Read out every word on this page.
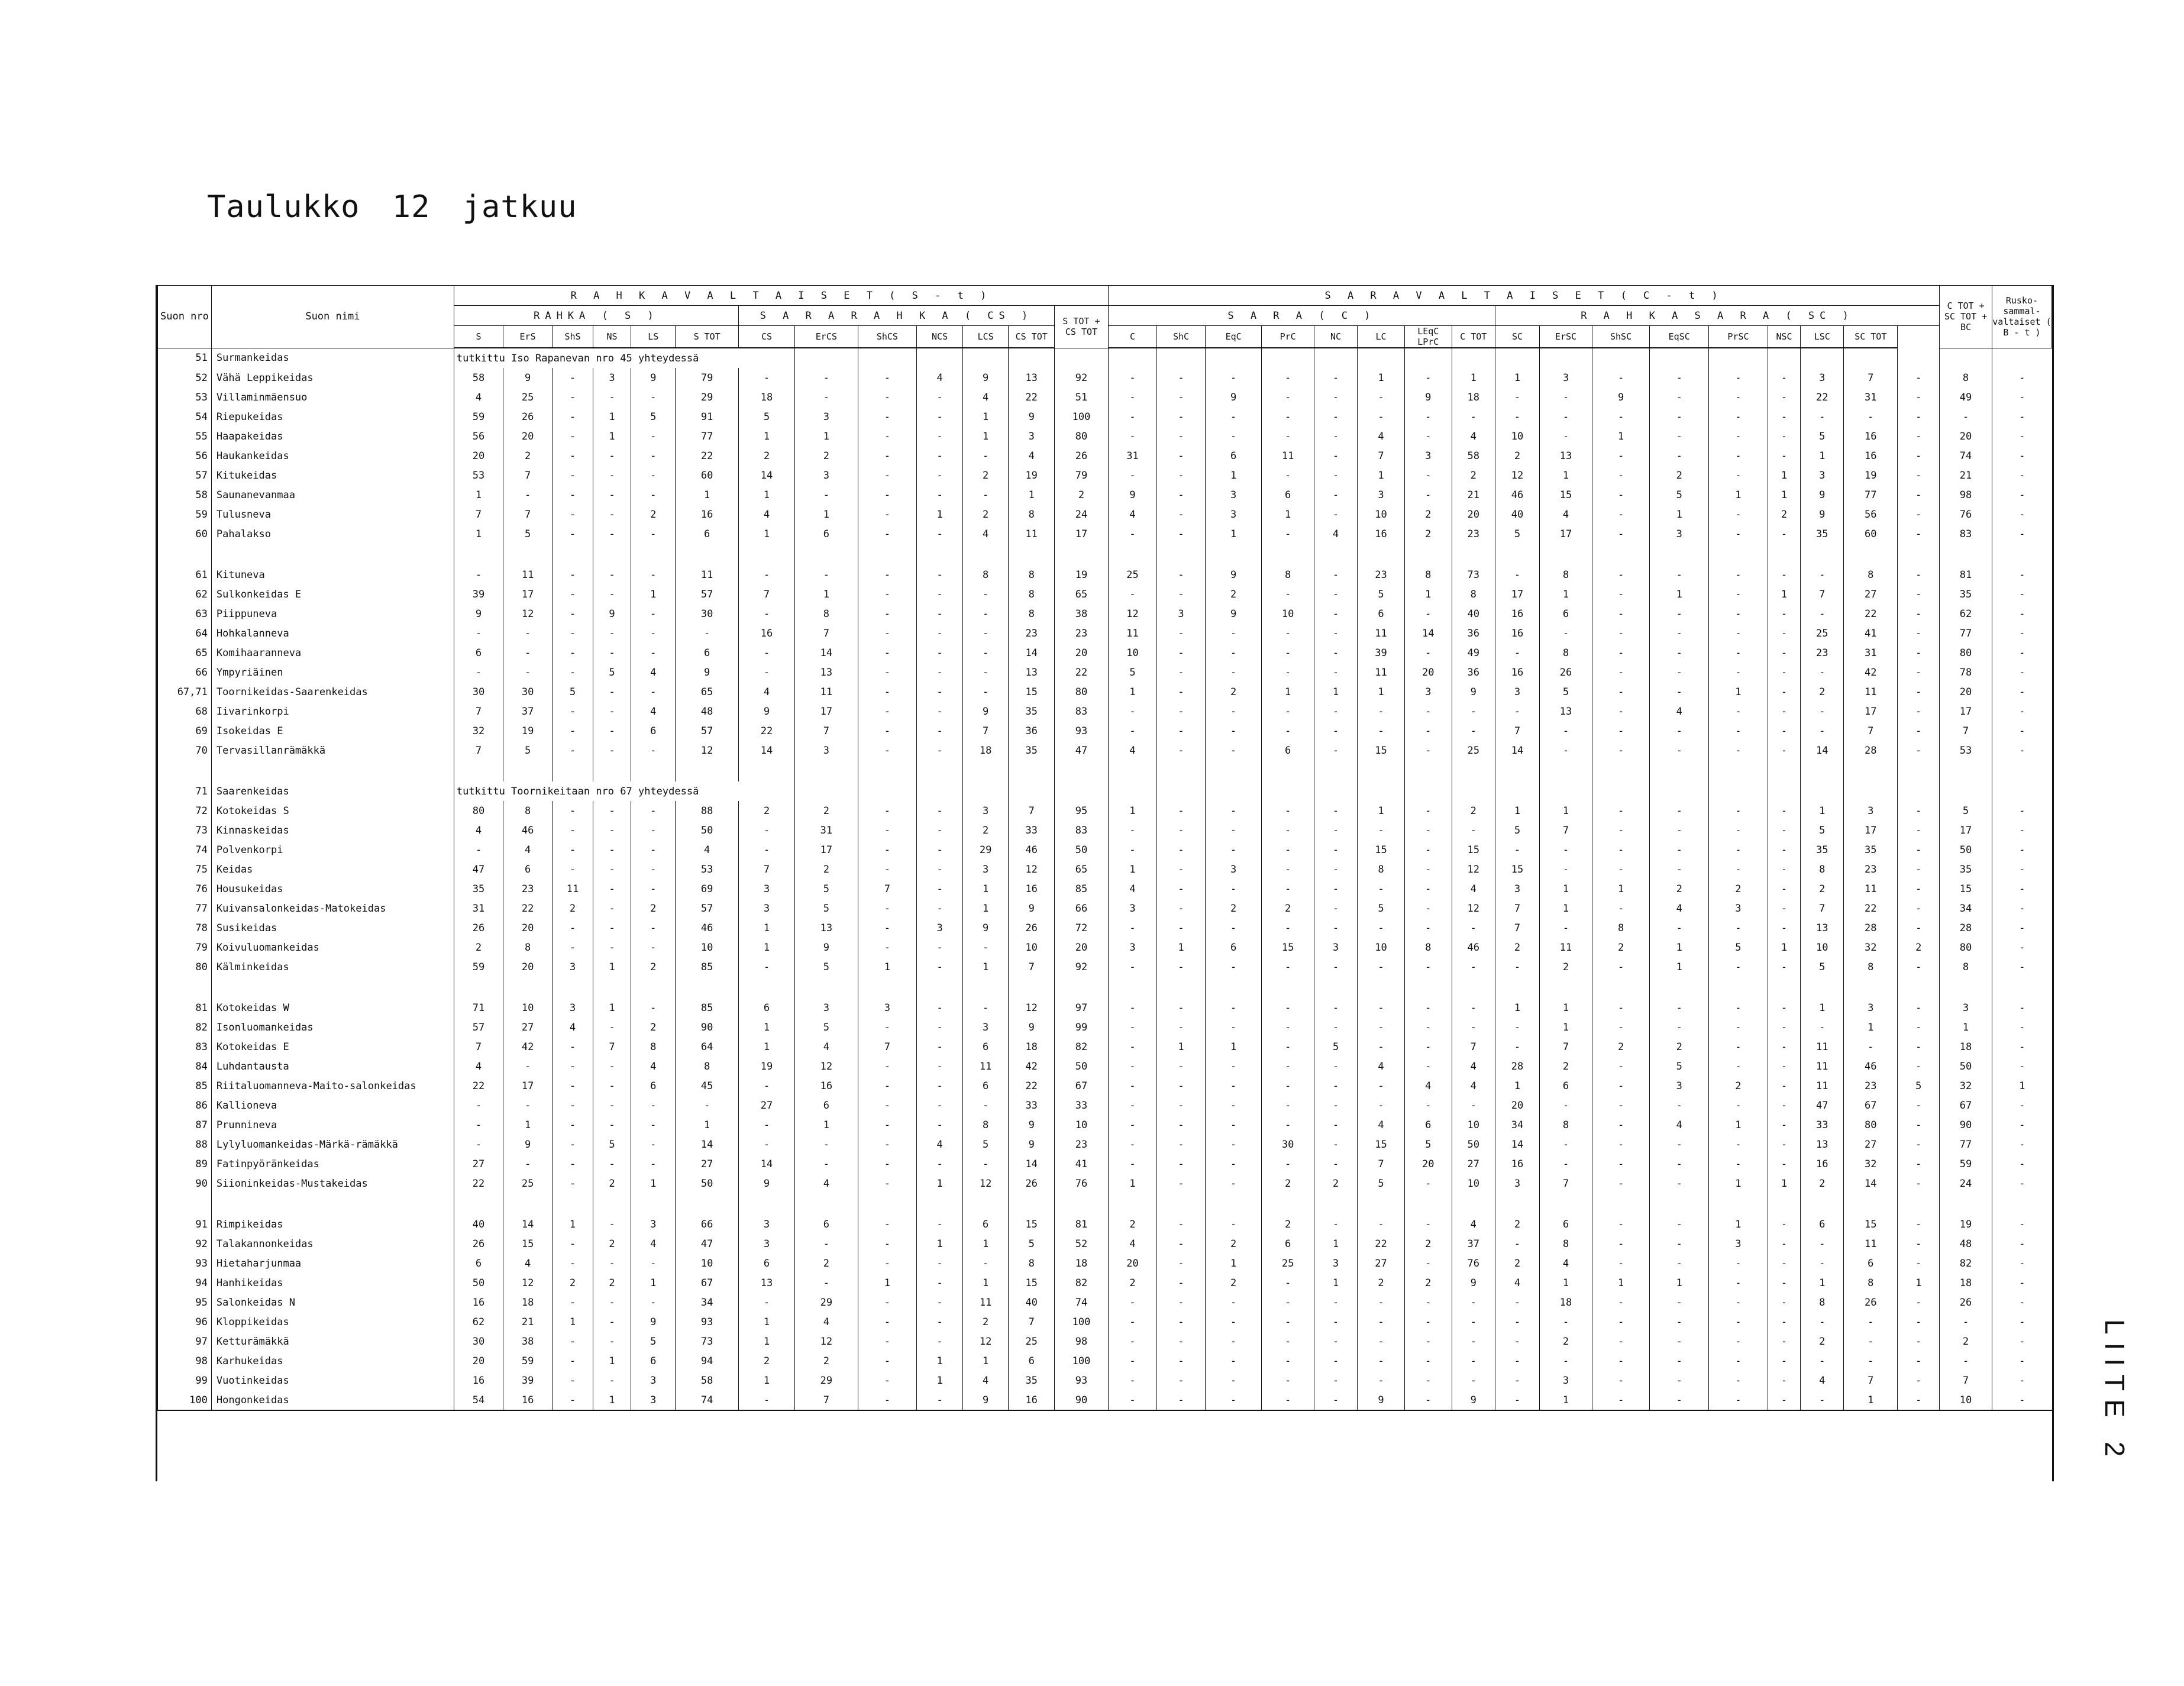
Taulukko 12 jatkuu
LIITE 2
Suon nro	Suon nimi	R A H K A V A L T A I S E T ( S - t )													S A R A V A L T A I S E T ( C - t )																	C TOT + SC TOT + BC	Rusko- sammal- valtaiset ( B - t )
		RAHKA ( S )						S A R A R A H K A ( CS )						S TOT + CS TOT	S A R A ( C )								R A H K A S A R A ( SC )										
		S	ErS	ShS	NS	LS	S TOT	CS	ErCS	ShCS	NCS	LCS	CS TOT		C	ShC	EqC	PrC	NC	LC	LEqC LPrC	C TOT	SC	ErSC	ShSC	EqSC	PrSC	NSC	LSC	SC TOT			
51	Surmankeidas	tutkittu Iso Rapanevan nro 45 yhteydessä																															
52	Vähä Leppikeidas	58	9	-	3	9	79	-	-	-	4	9	13	92	-	-	-	-	-	1	-	1	1	3	-	-	-	-	3	7	-	8	-
53	Villaminmäensuo	4	25	-	-	-	29	18	-	-	-	4	22	51	-	-	9	-	-	-	9	18	-	-	9	-	-	-	22	31	-	49	-
54	Riepukeidas	59	26	-	1	5	91	5	3	-	-	1	9	100	-	-	-	-	-	-	-	-	-	-	-	-	-	-	-	-	-	-	-
55	Haapakeidas	56	20	-	1	-	77	1	1	-	-	1	3	80	-	-	-	-	-	4	-	4	10	-	1	-	-	-	5	16	-	20	-
56	Haukankeidas	20	2	-	-	-	22	2	2	-	-	-	4	26	31	-	6	11	-	7	3	58	2	13	-	-	-	-	1	16	-	74	-
57	Kitukeidas	53	7	-	-	-	60	14	3	-	-	2	19	79	-	-	1	-	-	1	-	2	12	1	-	2	-	1	3	19	-	21	-
58	Saunanevanmaa	1	-	-	-	-	1	1	-	-	-	-	1	2	9	-	3	6	-	3	-	21	46	15	-	5	1	1	9	77	-	98	-
59	Tulusneva	7	7	-	-	2	16	4	1	-	1	2	8	24	4	-	3	1	-	10	2	20	40	4	-	1	-	2	9	56	-	76	-
60	Pahalakso	1	5	-	-	-	6	1	6	-	-	4	11	17	-	-	1	-	4	16	2	23	5	17	-	3	-	-	35	60	-	83	-

61	Kituneva	-	11	-	-	-	11	-	-	-	-	8	8	19	25	-	9	8	-	23	8	73	-	8	-	-	-	-	-	8	-	81	-
62	Sulkonkeidas E	39	17	-	-	1	57	7	1	-	-	-	8	65	-	-	2	-	-	5	1	8	17	1	-	1	-	1	7	27	-	35	-
63	Piippuneva	9	12	-	9	-	30	-	8	-	-	-	8	38	12	3	9	10	-	6	-	40	16	6	-	-	-	-	-	22	-	62	-
64	Hohkalanneva	-	-	-	-	-	-	16	7	-	-	-	23	23	11	-	-	-	-	11	14	36	16	-	-	-	-	-	25	41	-	77	-
65	Komihaaranneva	6	-	-	-	-	6	-	14	-	-	-	14	20	10	-	-	-	-	39	-	49	-	8	-	-	-	-	23	31	-	80	-
66	Ympyriäinen	-	-	-	5	4	9	-	13	-	-	-	13	22	5	-	-	-	-	11	20	36	16	26	-	-	-	-	-	42	-	78	-
67,71	Toornikeidas-Saarenkeidas	30	30	5	-	-	65	4	11	-	-	-	15	80	1	-	2	1	1	1	3	9	3	5	-	-	1	-	2	11	-	20	-
68	Iivarinkorpi	7	37	-	-	4	48	9	17	-	-	9	35	83	-	-	-	-	-	-	-	-	-	13	-	4	-	-	-	17	-	17	-
69	Isokeidas E	32	19	-	-	6	57	22	7	-	-	7	36	93	-	-	-	-	-	-	-	-	7	-	-	-	-	-	-	7	-	7	-
70	Tervasillanrämäkkä	7	5	-	-	-	12	14	3	-	-	18	35	47	4	-	-	6	-	15	-	25	14	-	-	-	-	-	14	28	-	53	-

71	Saarenkeidas	tutkittu Toornikeitaan nro 67 yhteydessä																															
72	Kotokeidas S	80	8	-	-	-	88	2	2	-	-	3	7	95	1	-	-	-	-	1	-	2	1	1	-	-	-	-	1	3	-	5	-
73	Kinnaskeidas	4	46	-	-	-	50	-	31	-	-	2	33	83	-	-	-	-	-	-	-	-	5	7	-	-	-	-	5	17	-	17	-
74	Polvenkorpi	-	4	-	-	-	4	-	17	-	-	29	46	50	-	-	-	-	-	15	-	15	-	-	-	-	-	-	35	35	-	50	-
75	Keidas	47	6	-	-	-	53	7	2	-	-	3	12	65	1	-	3	-	-	8	-	12	15	-	-	-	-	-	8	23	-	35	-
76	Housukeidas	35	23	11	-	-	69	3	5	7	-	1	16	85	4	-	-	-	-	-	-	4	3	1	1	2	2	-	2	11	-	15	-
77	Kuivansalonkeidas-Matokeidas	31	22	2	-	2	57	3	5	-	-	1	9	66	3	-	2	2	-	5	-	12	7	1	-	4	3	-	7	22	-	34	-
78	Susikeidas	26	20	-	-	-	46	1	13	-	3	9	26	72	-	-	-	-	-	-	-	-	7	-	8	-	-	-	13	28	-	28	-
79	Koivuluomankeidas	2	8	-	-	-	10	1	9	-	-	-	10	20	3	1	6	15	3	10	8	46	2	11	2	1	5	1	10	32	2	80	-
80	Kälminkeidas	59	20	3	1	2	85	-	5	1	-	1	7	92	-	-	-	-	-	-	-	-	-	2	-	1	-	-	5	8	-	8	-

81	Kotokeidas W	71	10	3	1	-	85	6	3	3	-	-	12	97	-	-	-	-	-	-	-	-	1	1	-	-	-	-	1	3	-	3	-
82	Isonluomankeidas	57	27	4	-	2	90	1	5	-	-	3	9	99	-	-	-	-	-	-	-	-	-	1	-	-	-	-	-	1	-	1	-
83	Kotokeidas E	7	42	-	7	8	64	1	4	7	-	6	18	82	-	1	1	-	5	-	-	7	-	7	2	2	-	-	11	-	-	18	-
84	Luhdantausta	4	-	-	-	4	8	19	12	-	-	11	42	50	-	-	-	-	-	4	-	4	28	2	-	5	-	-	11	46	-	50	-
85	Riitaluomanneva-Maito-salonkeidas	22	17	-	-	6	45	-	16	-	-	6	22	67	-	-	-	-	-	-	4	4	1	6	-	3	2	-	11	23	5	32	1
86	Kallioneva	-	-	-	-	-	-	27	6	-	-	-	33	33	-	-	-	-	-	-	-	-	20	-	-	-	-	-	47	67	-	67	-
87	Prunnineva	-	1	-	-	-	1	-	1	-	-	8	9	10	-	-	-	-	-	4	6	10	34	8	-	4	1	-	33	80	-	90	-
88	Lylyluomankeidas-Märkä-rämäkkä	-	9	-	5	-	14	-	-	-	4	5	9	23	-	-	-	30	-	15	5	50	14	-	-	-	-	-	13	27	-	77	-
89	Fatinpyöränkeidas	27	-	-	-	-	27	14	-	-	-	-	14	41	-	-	-	-	-	7	20	27	16	-	-	-	-	-	16	32	-	59	-
90	Siioninkeidas-Mustakeidas	22	25	-	2	1	50	9	4	-	1	12	26	76	1	-	-	2	2	5	-	10	3	7	-	-	1	1	2	14	-	24	-

91	Rimpikeidas	40	14	1	-	3	66	3	6	-	-	6	15	81	2	-	-	2	-	-	-	4	2	6	-	-	1	-	6	15	-	19	-
92	Talakannonkeidas	26	15	-	2	4	47	3	-	-	1	1	5	52	4	-	2	6	1	22	2	37	-	8	-	-	3	-	-	11	-	48	-
93	Hietaharjunmaa	6	4	-	-	-	10	6	2	-	-	-	8	18	20	-	1	25	3	27	-	76	2	4	-	-	-	-	-	6	-	82	-
94	Hanhikeidas	50	12	2	2	1	67	13	-	1	-	1	15	82	2	-	2	-	1	2	2	9	4	1	1	1	-	-	1	8	1	18	-
95	Salonkeidas N	16	18	-	-	-	34	-	29	-	-	11	40	74	-	-	-	-	-	-	-	-	-	18	-	-	-	-	8	26	-	26	-
96	Kloppikeidas	62	21	1	-	9	93	1	4	-	-	2	7	100	-	-	-	-	-	-	-	-	-	-	-	-	-	-	-	-	-	-	-
97	Ketturämäkkä	30	38	-	-	5	73	1	12	-	-	12	25	98	-	-	-	-	-	-	-	-	-	2	-	-	-	-	2	-	-	2	-
98	Karhukeidas	20	59	-	1	6	94	2	2	-	1	1	6	100	-	-	-	-	-	-	-	-	-	-	-	-	-	-	-	-	-	-	-
99	Vuotinkeidas	16	39	-	-	3	58	1	29	-	1	4	35	93	-	-	-	-	-	-	-	-	-	3	-	-	-	-	4	7	-	7	-
100	Hongonkeidas	54	16	-	1	3	74	-	7	-	-	9	16	90	-	-	-	-	-	9	-	9	-	1	-	-	-	-	-	1	-	10	-
